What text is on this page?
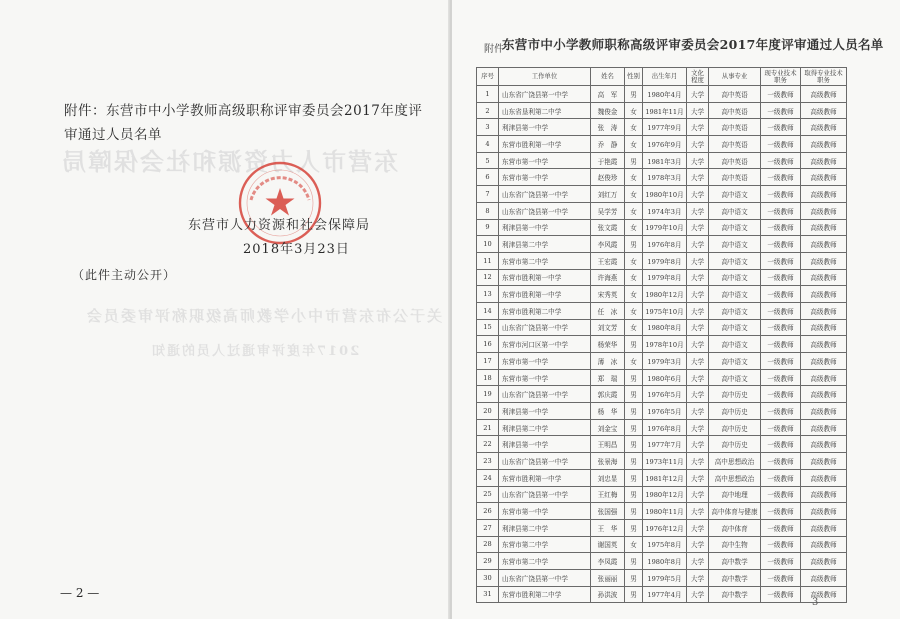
东营市人力资源和社会保障局
关于公布东营市中小学教师高级职称评审委员会
2017年度评审通过人员的通知
附件：东营市中小学教师高级职称评审委员会2017年度评审通过人员名单
东营市人力资源和社会保障局
2018年3月23日
（此件主动公开）
— 2 —
附件
东营市中小学教师职称高级评审委员会2017年度评审通过人员名单
序号	工作单位	姓名	性别	出生年月	文化程度	从事专业	现专业技术职务	取得专业技术职务
1	山东省广饶县第一中学	高　军	男	1980年4月	大学	高中英语	一级教师	高级教师
2	山东省垦利第二中学	魏俊金	女	1981年11月	大学	高中英语	一级教师	高级教师
3	利津县第一中学	张　涛	女	1977年9月	大学	高中英语	一级教师	高级教师
4	东营市胜利第一中学	乔　静	女	1976年9月	大学	高中英语	一级教师	高级教师
5	东营市第一中学	于艳霞	男	1981年3月	大学	高中英语	一级教师	高级教师
6	东营市第一中学	赵俊珍	女	1978年3月	大学	高中英语	一级教师	高级教师
7	山东省广饶县第一中学	刘红万	女	1980年10月	大学	高中语文	一级教师	高级教师
8	山东省广饶县第一中学	吴学芳	女	1974年3月	大学	高中语文	一级教师	高级教师
9	利津县第一中学	张文霞	女	1979年10月	大学	高中语文	一级教师	高级教师
10	利津县第二中学	李风霞	男	1976年8月	大学	高中语文	一级教师	高级教师
11	东营市第二中学	王宏霞	女	1979年8月	大学	高中语文	一级教师	高级教师
12	东营市胜利第一中学	许海燕	女	1979年8月	大学	高中语文	一级教师	高级教师
13	东营市胜利第一中学	宋秀英	女	1980年12月	大学	高中语文	一级教师	高级教师
14	东营市胜利第二中学	任　冰	女	1975年10月	大学	高中语文	一级教师	高级教师
15	山东省广饶县第一中学	刘文芳	女	1980年8月	大学	高中语文	一级教师	高级教师
16	东营市河口区第一中学	杨荣华	男	1978年10月	大学	高中语文	一级教师	高级教师
17	东营市第一中学	薄　冰	女	1979年3月	大学	高中语文	一级教师	高级教师
18	东营市第一中学	郑　瑞	男	1980年6月	大学	高中语文	一级教师	高级教师
19	山东省广饶县第一中学	郭庆霞	男	1976年5月	大学	高中历史	一级教师	高级教师
20	利津县第一中学	杨　华	男	1976年5月	大学	高中历史	一级教师	高级教师
21	利津县第二中学	刘金宝	男	1976年8月	大学	高中历史	一级教师	高级教师
22	利津县第一中学	王明昌	男	1977年7月	大学	高中历史	一级教师	高级教师
23	山东省广饶县第一中学	张景海	男	1973年11月	大学	高中思想政治	一级教师	高级教师
24	东营市胜利第一中学	刘忠显	男	1981年12月	大学	高中思想政治	一级教师	高级教师
25	山东省广饶县第一中学	王红梅	男	1980年12月	大学	高中地理	一级教师	高级教师
26	东营市第一中学	张国强	男	1980年11月	大学	高中体育与健康	一级教师	高级教师
27	利津县第二中学	王　华	男	1976年12月	大学	高中体育	一级教师	高级教师
28	东营市第二中学	谢国英	女	1975年8月	大学	高中生物	一级教师	高级教师
29	东营市第二中学	李凤霞	男	1980年8月	大学	高中数学	一级教师	高级教师
30	山东省广饶县第一中学	张丽丽	男	1979年5月	大学	高中数学	一级教师	高级教师
31	东营市胜利第二中学	孙洪波	男	1977年4月	大学	高中数学	一级教师	高级教师
3
